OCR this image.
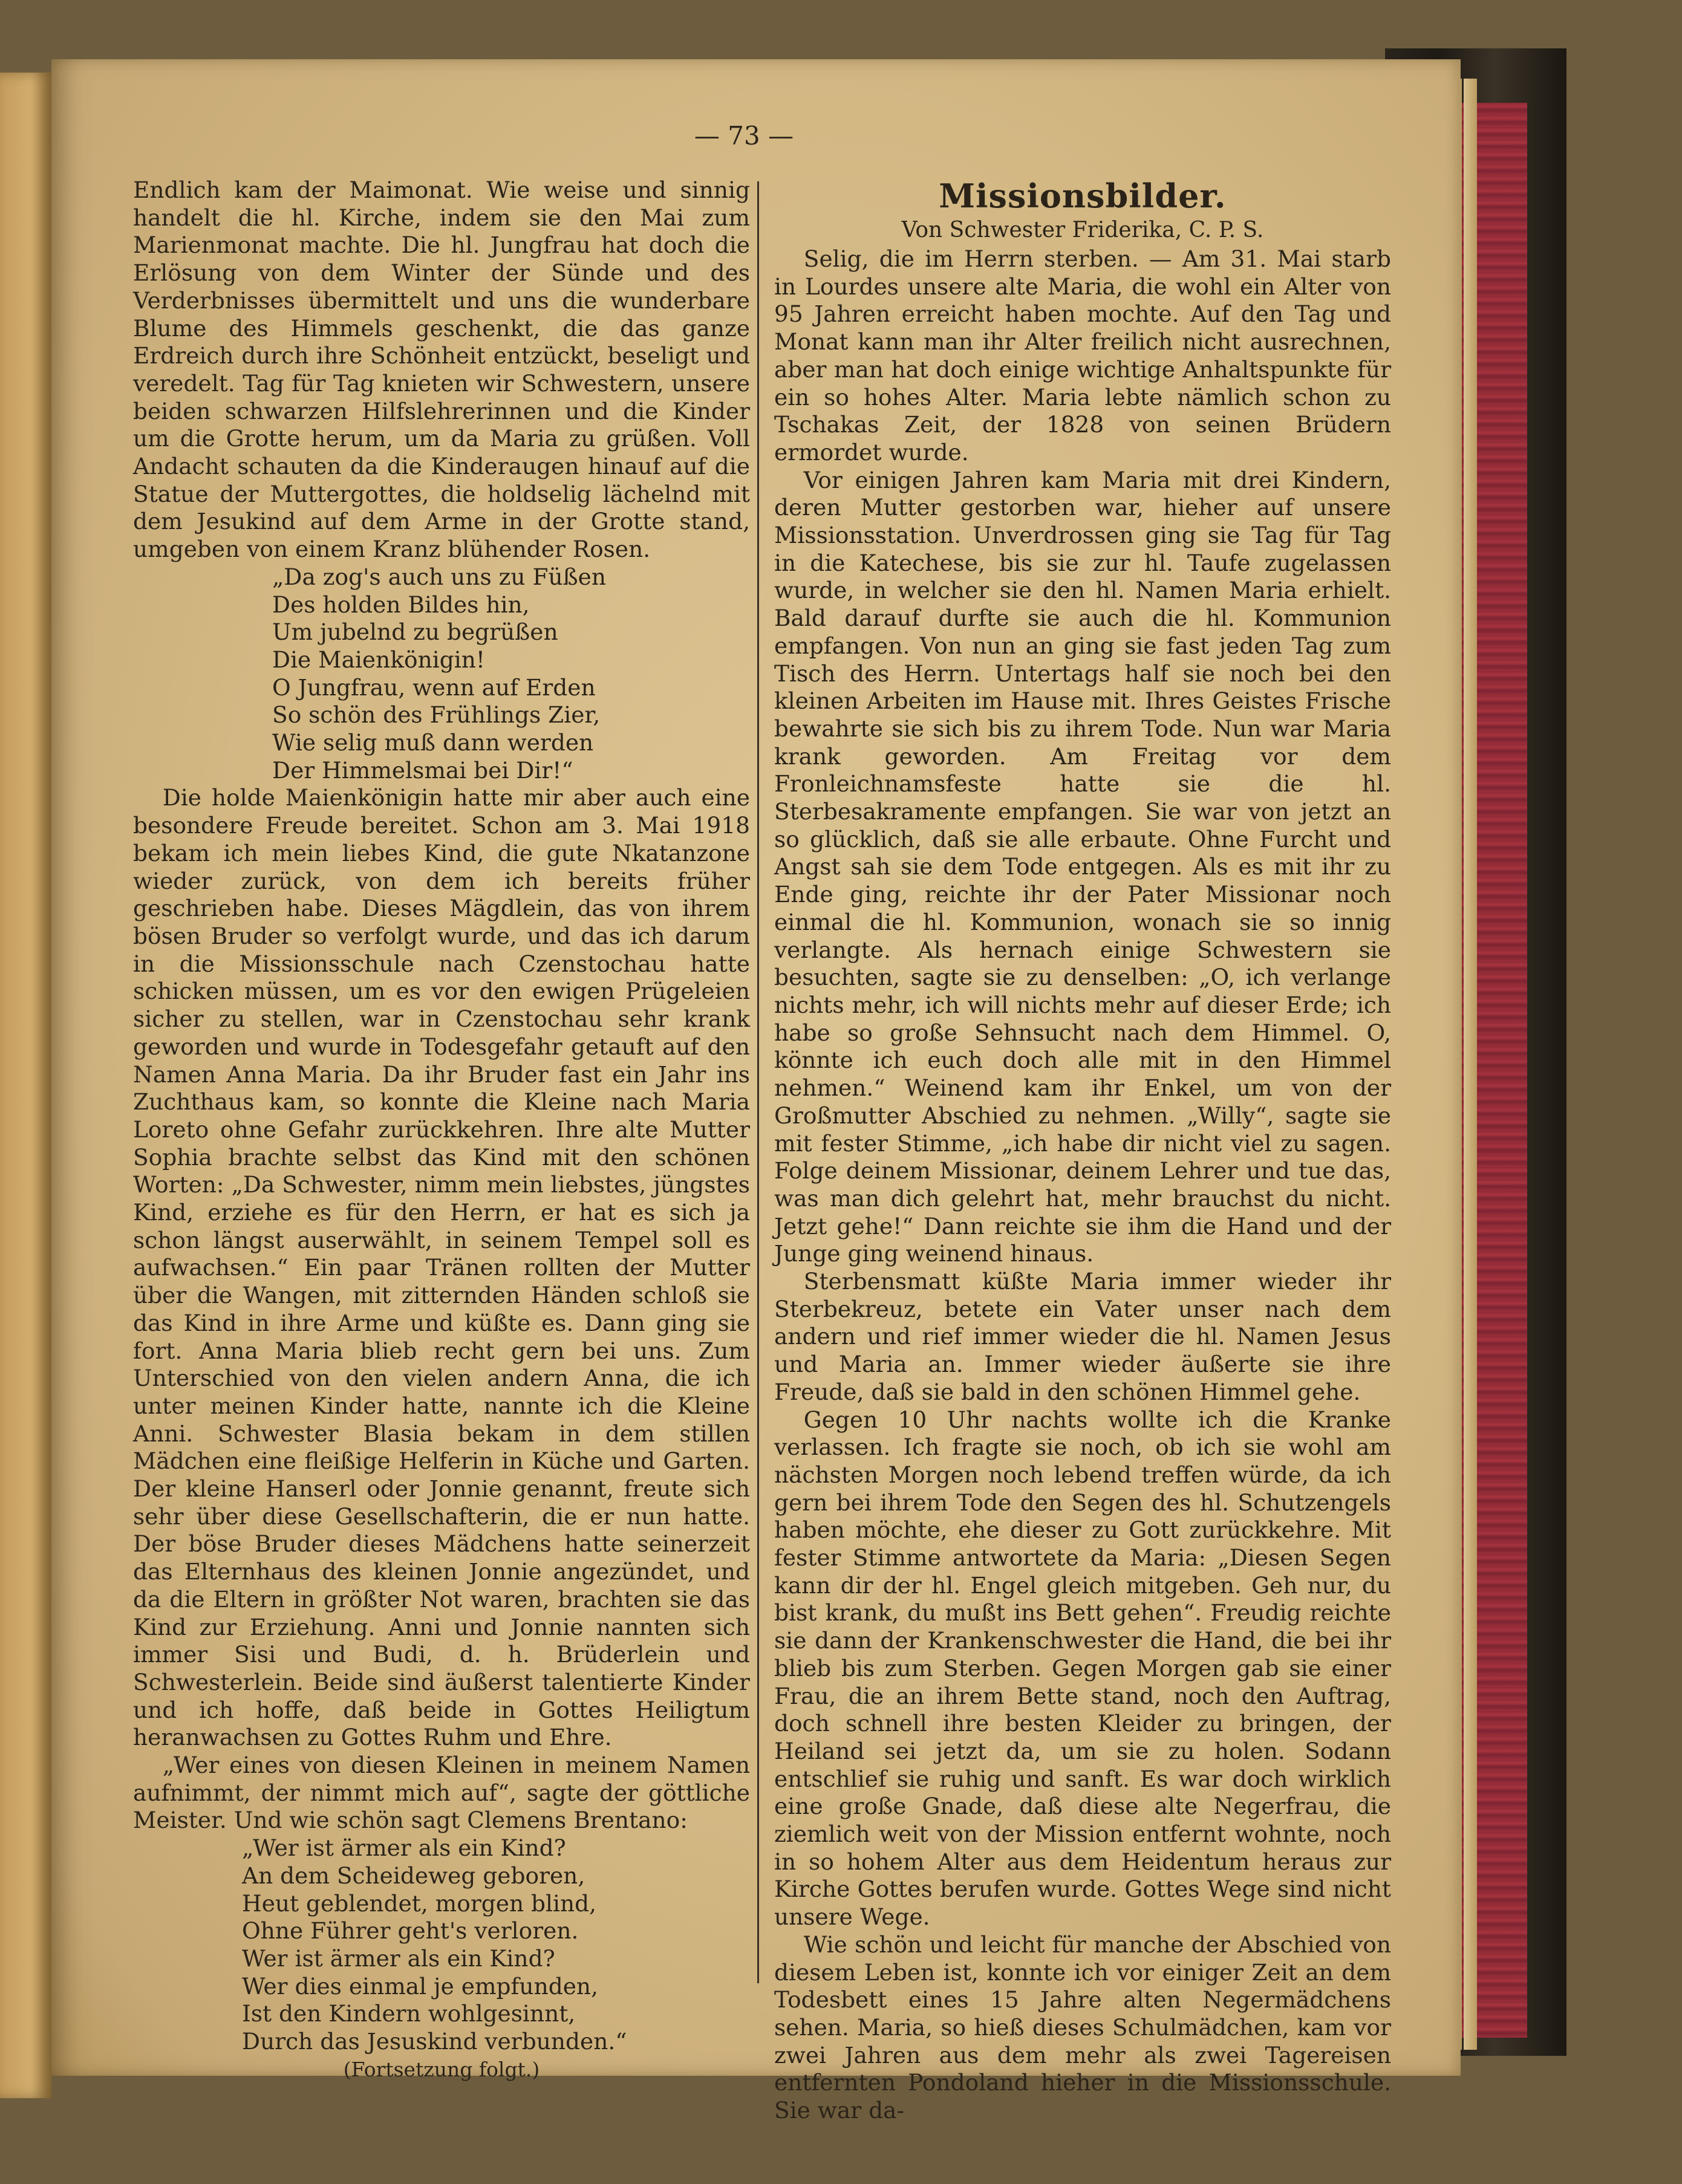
— 73 —

Endlich kam der Maimonat. Wie weise und sinnig handelt die hl. Kirche, indem sie den Mai zum Marienmonat machte. Die hl. Jungfrau hat doch die Erlösung von dem Winter der Sünde und des Verderbnisses übermittelt und uns die wunderbare Blume des Himmels geschenkt, die das ganze Erdreich durch ihre Schönheit entzückt, beseligt und veredelt. Tag für Tag knieten wir Schwestern, unsere beiden schwarzen Hilfslehrerinnen und die Kinder um die Grotte herum, um da Maria zu grüßen. Voll Andacht schauten da die Kinderaugen hinauf auf die Statue der Muttergottes, die holdselig lächelnd mit dem Jesukind auf dem Arme in der Grotte stand, umgeben von einem Kranz blühender Rosen.

„Da zog's auch uns zu Füßen

Des holden Bildes hin,

Um jubelnd zu begrüßen

Die Maienkönigin!

O Jungfrau, wenn auf Erden

So schön des Frühlings Zier,

Wie selig muß dann werden

Der Himmelsmai bei Dir!“

Die holde Maienkönigin hatte mir aber auch eine besondere Freude bereitet. Schon am 3. Mai 1918 bekam ich mein liebes Kind, die gute Nkatanzone wieder zurück, von dem ich bereits früher geschrieben habe. Dieses Mägdlein, das von ihrem bösen Bruder so verfolgt wurde, und das ich darum in die Missionsschule nach Czenstochau hatte schicken müssen, um es vor den ewigen Prügeleien sicher zu stellen, war in Czenstochau sehr krank geworden und wurde in Todesgefahr getauft auf den Namen Anna Maria. Da ihr Bruder fast ein Jahr ins Zuchthaus kam, so konnte die Kleine nach Maria Loreto ohne Gefahr zurückkehren. Ihre alte Mutter Sophia brachte selbst das Kind mit den schönen Worten: „Da Schwester, nimm mein liebstes, jüngstes Kind, erziehe es für den Herrn, er hat es sich ja schon längst auserwählt, in seinem Tempel soll es aufwachsen.“ Ein paar Tränen rollten der Mutter über die Wangen, mit zitternden Händen schloß sie das Kind in ihre Arme und küßte es. Dann ging sie fort. Anna Maria blieb recht gern bei uns. Zum Unterschied von den vielen andern Anna, die ich unter meinen Kinder hatte, nannte ich die Kleine Anni. Schwester Blasia bekam in dem stillen Mädchen eine fleißige Helferin in Küche und Garten. Der kleine Hanserl oder Jonnie genannt, freute sich sehr über diese Gesellschafterin, die er nun hatte. Der böse Bruder dieses Mädchens hatte seinerzeit das Elternhaus des kleinen Jonnie angezündet, und da die Eltern in größter Not waren, brachten sie das Kind zur Erziehung. Anni und Jonnie nannten sich immer Sisi und Budi, d. h. Brüderlein und Schwesterlein. Beide sind äußerst talentierte Kinder und ich hoffe, daß beide in Gottes Heiligtum heranwachsen zu Gottes Ruhm und Ehre.

„Wer eines von diesen Kleinen in meinem Namen aufnimmt, der nimmt mich auf“, sagte der göttliche Meister. Und wie schön sagt Clemens Brentano:

„Wer ist ärmer als ein Kind?

An dem Scheideweg geboren,

Heut geblendet, morgen blind,

Ohne Führer geht's verloren.

Wer ist ärmer als ein Kind?

Wer dies einmal je empfunden,

Ist den Kindern wohlgesinnt,

Durch das Jesuskind verbunden.“

(Fortsetzung folgt.)

Missionsbilder.

Von Schwester Friderika, C. P. S.

Selig, die im Herrn sterben. — Am 31. Mai starb in Lourdes unsere alte Maria, die wohl ein Alter von 95 Jahren erreicht haben mochte. Auf den Tag und Monat kann man ihr Alter freilich nicht ausrechnen, aber man hat doch einige wichtige Anhaltspunkte für ein so hohes Alter. Maria lebte nämlich schon zu Tschakas Zeit, der 1828 von seinen Brüdern ermordet wurde.

Vor einigen Jahren kam Maria mit drei Kindern, deren Mutter gestorben war, hieher auf unsere Missionsstation. Unverdrossen ging sie Tag für Tag in die Katechese, bis sie zur hl. Taufe zugelassen wurde, in welcher sie den hl. Namen Maria erhielt. Bald darauf durfte sie auch die hl. Kommunion empfangen. Von nun an ging sie fast jeden Tag zum Tisch des Herrn. Untertags half sie noch bei den kleinen Arbeiten im Hause mit. Ihres Geistes Frische bewahrte sie sich bis zu ihrem Tode. Nun war Maria krank geworden. Am Freitag vor dem Fronleichnamsfeste hatte sie die hl. Sterbesakramente empfangen. Sie war von jetzt an so glücklich, daß sie alle erbaute. Ohne Furcht und Angst sah sie dem Tode entgegen. Als es mit ihr zu Ende ging, reichte ihr der Pater Missionar noch einmal die hl. Kommunion, wonach sie so innig verlangte. Als hernach einige Schwestern sie besuchten, sagte sie zu denselben: „O, ich verlange nichts mehr, ich will nichts mehr auf dieser Erde; ich habe so große Sehnsucht nach dem Himmel. O, könnte ich euch doch alle mit in den Himmel nehmen.“ Weinend kam ihr Enkel, um von der Großmutter Abschied zu nehmen. „Willy“, sagte sie mit fester Stimme, „ich habe dir nicht viel zu sagen. Folge deinem Missionar, deinem Lehrer und tue das, was man dich gelehrt hat, mehr brauchst du nicht. Jetzt gehe!“ Dann reichte sie ihm die Hand und der Junge ging weinend hinaus.

Sterbensmatt küßte Maria immer wieder ihr Sterbekreuz, betete ein Vater unser nach dem andern und rief immer wieder die hl. Namen Jesus und Maria an. Immer wieder äußerte sie ihre Freude, daß sie bald in den schönen Himmel gehe.

Gegen 10 Uhr nachts wollte ich die Kranke verlassen. Ich fragte sie noch, ob ich sie wohl am nächsten Morgen noch lebend treffen würde, da ich gern bei ihrem Tode den Segen des hl. Schutzengels haben möchte, ehe dieser zu Gott zurückkehre. Mit fester Stimme antwortete da Maria: „Diesen Segen kann dir der hl. Engel gleich mitgeben. Geh nur, du bist krank, du mußt ins Bett gehen“. Freudig reichte sie dann der Krankenschwester die Hand, die bei ihr blieb bis zum Sterben. Gegen Morgen gab sie einer Frau, die an ihrem Bette stand, noch den Auftrag, doch schnell ihre besten Kleider zu bringen, der Heiland sei jetzt da, um sie zu holen. Sodann entschlief sie ruhig und sanft. Es war doch wirklich eine große Gnade, daß diese alte Negerfrau, die ziemlich weit von der Mission entfernt wohnte, noch in so hohem Alter aus dem Heidentum heraus zur Kirche Gottes berufen wurde. Gottes Wege sind nicht unsere Wege.

Wie schön und leicht für manche der Abschied von diesem Leben ist, konnte ich vor einiger Zeit an dem Todesbett eines 15 Jahre alten Negermädchens sehen. Maria, so hieß dieses Schulmädchen, kam vor zwei Jahren aus dem mehr als zwei Tagereisen entfernten Pondoland hieher in die Missionsschule. Sie war da-
